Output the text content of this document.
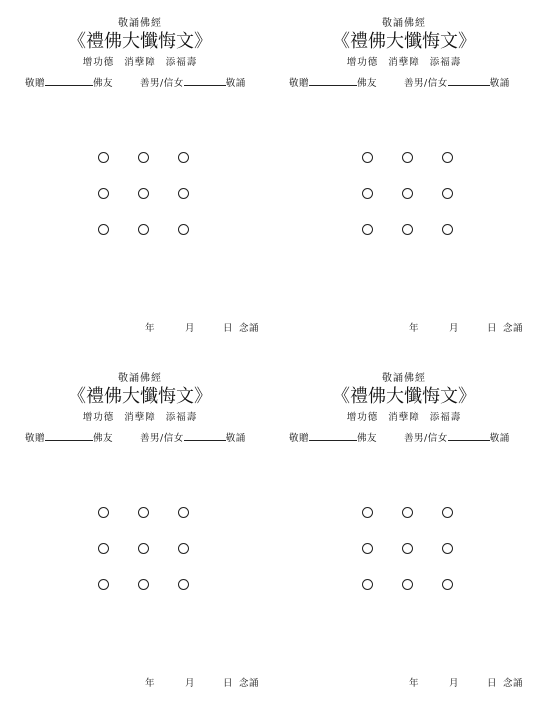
敬誦佛經
《禮佛大懺悔文》
增功德 消孽障 添福壽
敬贈	佛友	善男/信女	敬誦
年	月	日 念誦
敬誦佛經
《禮佛大懺悔文》
增功德 消孽障 添福壽
敬贈	佛友	善男/信女	敬誦
年	月	日 念誦
敬誦佛經
《禮佛大懺悔文》
增功德 消孽障 添福壽
敬贈	佛友	善男/信女	敬誦
年	月	日 念誦
敬誦佛經
《禮佛大懺悔文》
增功德 消孽障 添福壽
敬贈	佛友	善男/信女	敬誦
年	月	日 念誦
